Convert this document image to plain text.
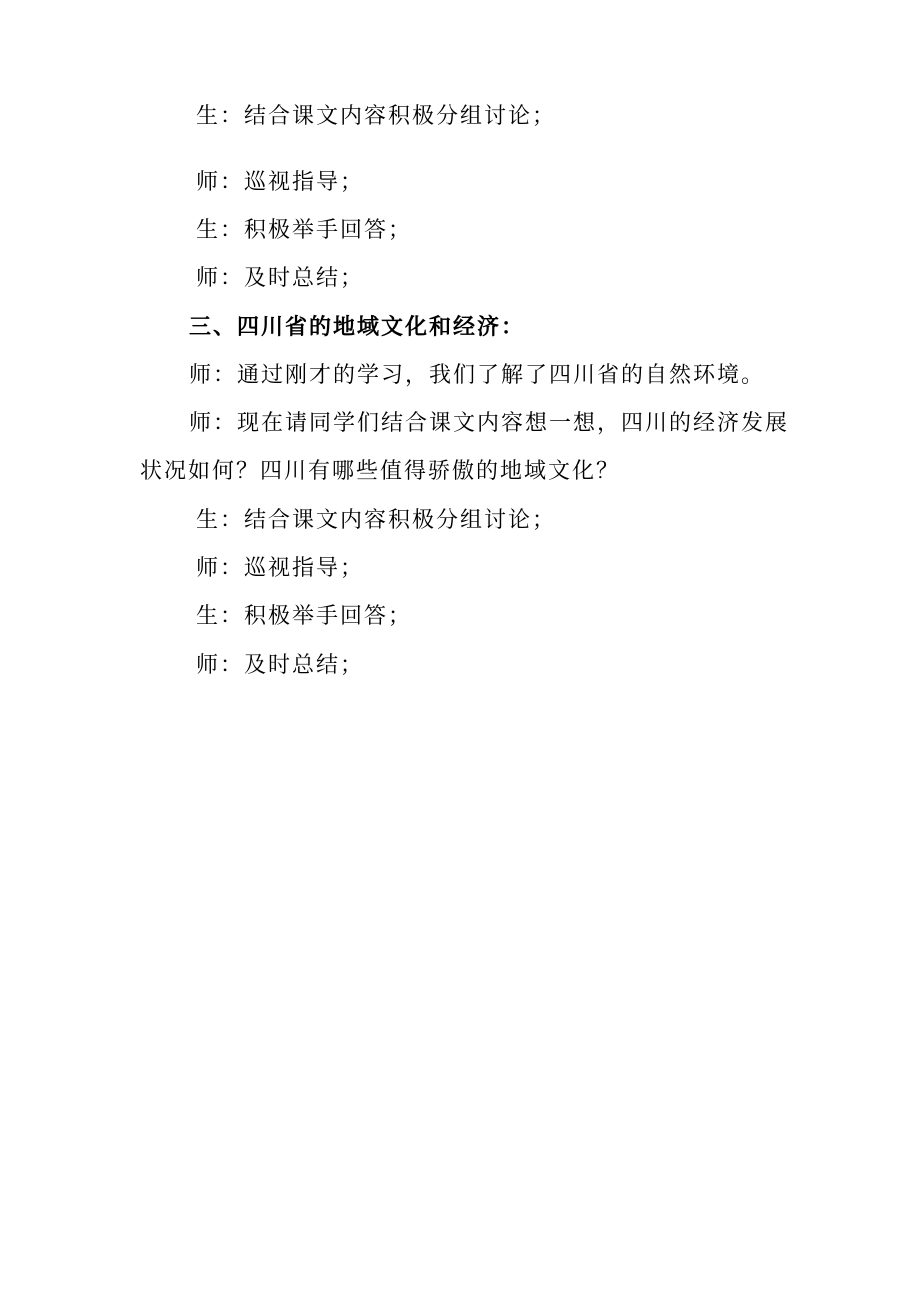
生：结合课文内容积极分组讨论；
师：巡视指导；
生：积极举手回答；
师：及时总结；
三、四川省的地域文化和经济：
师：通过刚才的学习，我们了解了四川省的自然环境。
师：现在请同学们结合课文内容想一想，四川的经济发展
状况如何？四川有哪些值得骄傲的地域文化？
生：结合课文内容积极分组讨论；
师：巡视指导；
生：积极举手回答；
师：及时总结；
